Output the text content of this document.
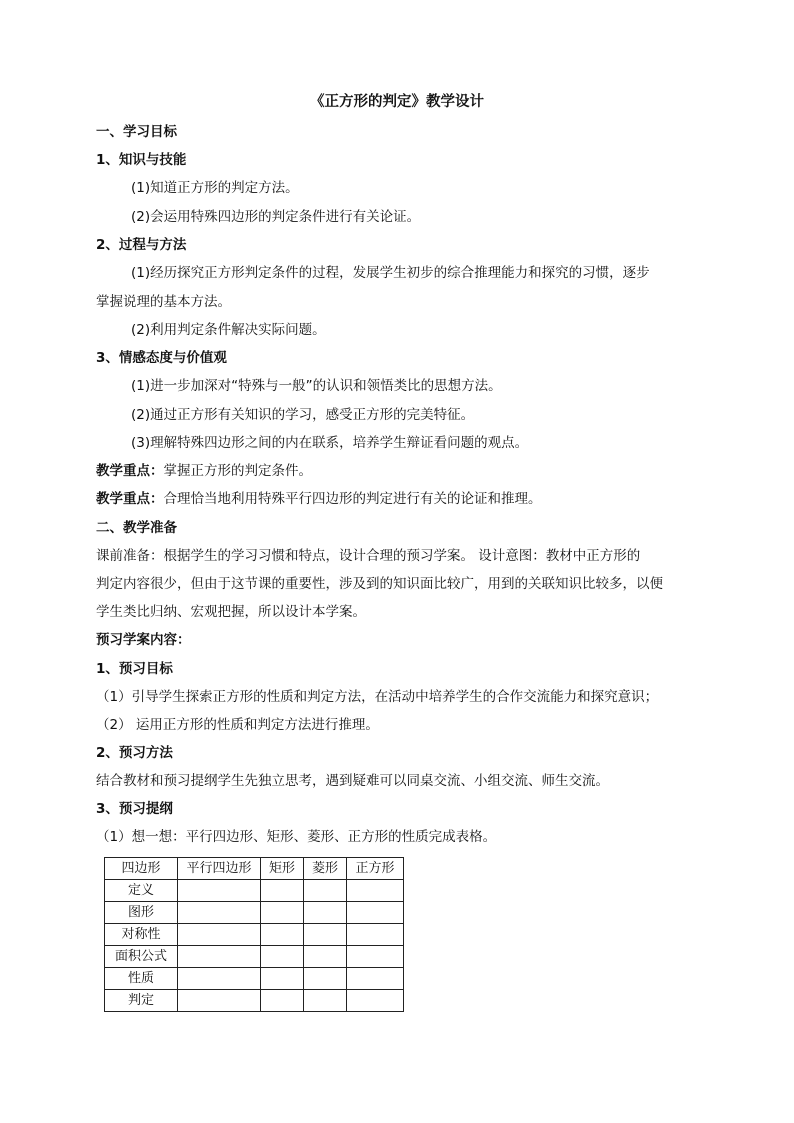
《正方形的判定》教学设计
一、学习目标
1、知识与技能
(1)知道正方形的判定方法。
(2)会运用特殊四边形的判定条件进行有关论证。
2、过程与方法
(1)经历探究正方形判定条件的过程，发展学生初步的综合推理能力和探究的习惯，逐步
掌握说理的基本方法。
(2)利用判定条件解决实际问题。
3、情感态度与价值观
(1)进一步加深对“特殊与一般”的认识和领悟类比的思想方法。
(2)通过正方形有关知识的学习，感受正方形的完美特征。
(3)理解特殊四边形之间的内在联系，培养学生辩证看问题的观点。
教学重点：掌握正方形的判定条件。
教学重点：合理恰当地利用特殊平行四边形的判定进行有关的论证和推理。
二、教学准备
课前准备：根据学生的学习习惯和特点，设计合理的预习学案。 设计意图：教材中正方形的
判定内容很少，但由于这节课的重要性，涉及到的知识面比较广，用到的关联知识比较多，以便
学生类比归纳、宏观把握，所以设计本学案。
预习学案内容：
1、预习目标
（1）引导学生探索正方形的性质和判定方法，在活动中培养学生的合作交流能力和探究意识；
（2） 运用正方形的性质和判定方法进行推理。
2、预习方法
结合教材和预习提纲学生先独立思考，遇到疑难可以同桌交流、小组交流、师生交流。
3、预习提纲
（1）想一想：平行四边形、矩形、菱形、正方形的性质完成表格。
四边形	平行四边形	矩形	菱形	正方形
定义				
图形				
对称性				
面积公式				
性质				
判定				
